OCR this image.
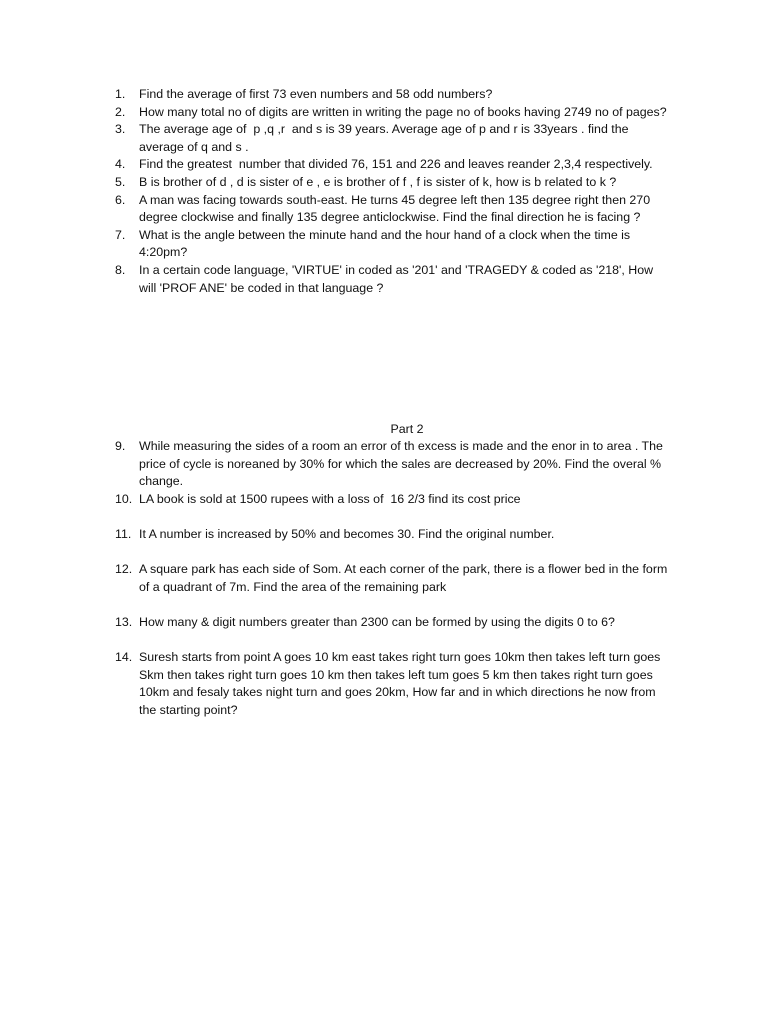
1.	Find the average of first 73 even numbers and 58 odd numbers?
2.	How many total no of digits are written in writing the page no of books having 2749 no of pages?
3.	The average age of  p ,q ,r  and s is 39 years. Average age of p and r is 33years . find the average of q and s .
4.	Find the greatest  number that divided 76, 151 and 226 and leaves reander 2,3,4 respectively.
5.	B is brother of d , d is sister of e , e is brother of f , f is sister of k, how is b related to k ?
6.	A man was facing towards south-east. He turns 45 degree left then 135 degree right then 270 degree clockwise and finally 135 degree anticlockwise. Find the final direction he is facing ?
7.	What is the angle between the minute hand and the hour hand of a clock when the time is 4:20pm?
8.	In a certain code language, 'VIRTUE' in coded as '201' and 'TRAGEDY & coded as '218', How will 'PROF ANE' be coded in that language ?
Part 2
9.	While measuring the sides of a room an error of th excess is made and the enor in to area . The price of cycle is noreaned by 30% for which the sales are decreased by 20%. Find the overal % change.
10. LA book is sold at 1500 rupees with a loss of  16 2/3 find its cost price
11. It A number is increased by 50% and becomes 30. Find the original number.
12. A square park has each side of Som. At each corner of the park, there is a flower bed in the form of a quadrant of 7m. Find the area of the remaining park
13. How many & digit numbers greater than 2300 can be formed by using the digits 0 to 6?
14. Suresh starts from point A goes 10 km east takes right turn goes 10km then takes left turn goes Skm then takes right turn goes 10 km then takes left tum goes 5 km then takes right turn goes 10km and fesaly takes night turn and goes 20km, How far and in which directions he now from the starting point?
